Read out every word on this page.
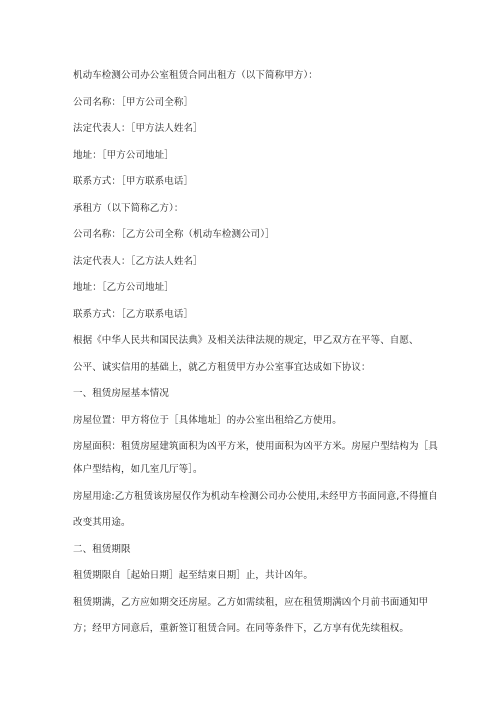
机动车检测公司办公室租赁合同出租方（以下简称甲方）：
公司名称：［甲方公司全称］
法定代表人：［甲方法人姓名］
地址：［甲方公司地址］
联系方式：［甲方联系电话］
承租方（以下简称乙方）：
公司名称：［乙方公司全称（机动车检测公司）］
法定代表人：［乙方法人姓名］
地址：［乙方公司地址］
联系方式：［乙方联系电话］
根据《中华人民共和国民法典》及相关法律法规的规定，甲乙双方在平等、自愿、
公平、诚实信用的基础上，就乙方租赁甲方办公室事宜达成如下协议：
一、租赁房屋基本情况
房屋位置：甲方将位于［具体地址］的办公室出租给乙方使用。
房屋面积：租赁房屋建筑面积为凶平方米，使用面积为凶平方米。房屋户型结构为［具
体户型结构，如几室几厅等］。
房屋用途:乙方租赁该房屋仅作为机动车检测公司办公使用,未经甲方书面同意,不得擅自
改变其用途。
二、租赁期限
租赁期限自［起始日期］起至结束日期］止，共计凶年。
租赁期满，乙方应如期交还房屋。乙方如需续租，应在租赁期满凶个月前书面通知甲
方；经甲方同意后，重新签订租赁合同。在同等条件下，乙方享有优先续租权。
